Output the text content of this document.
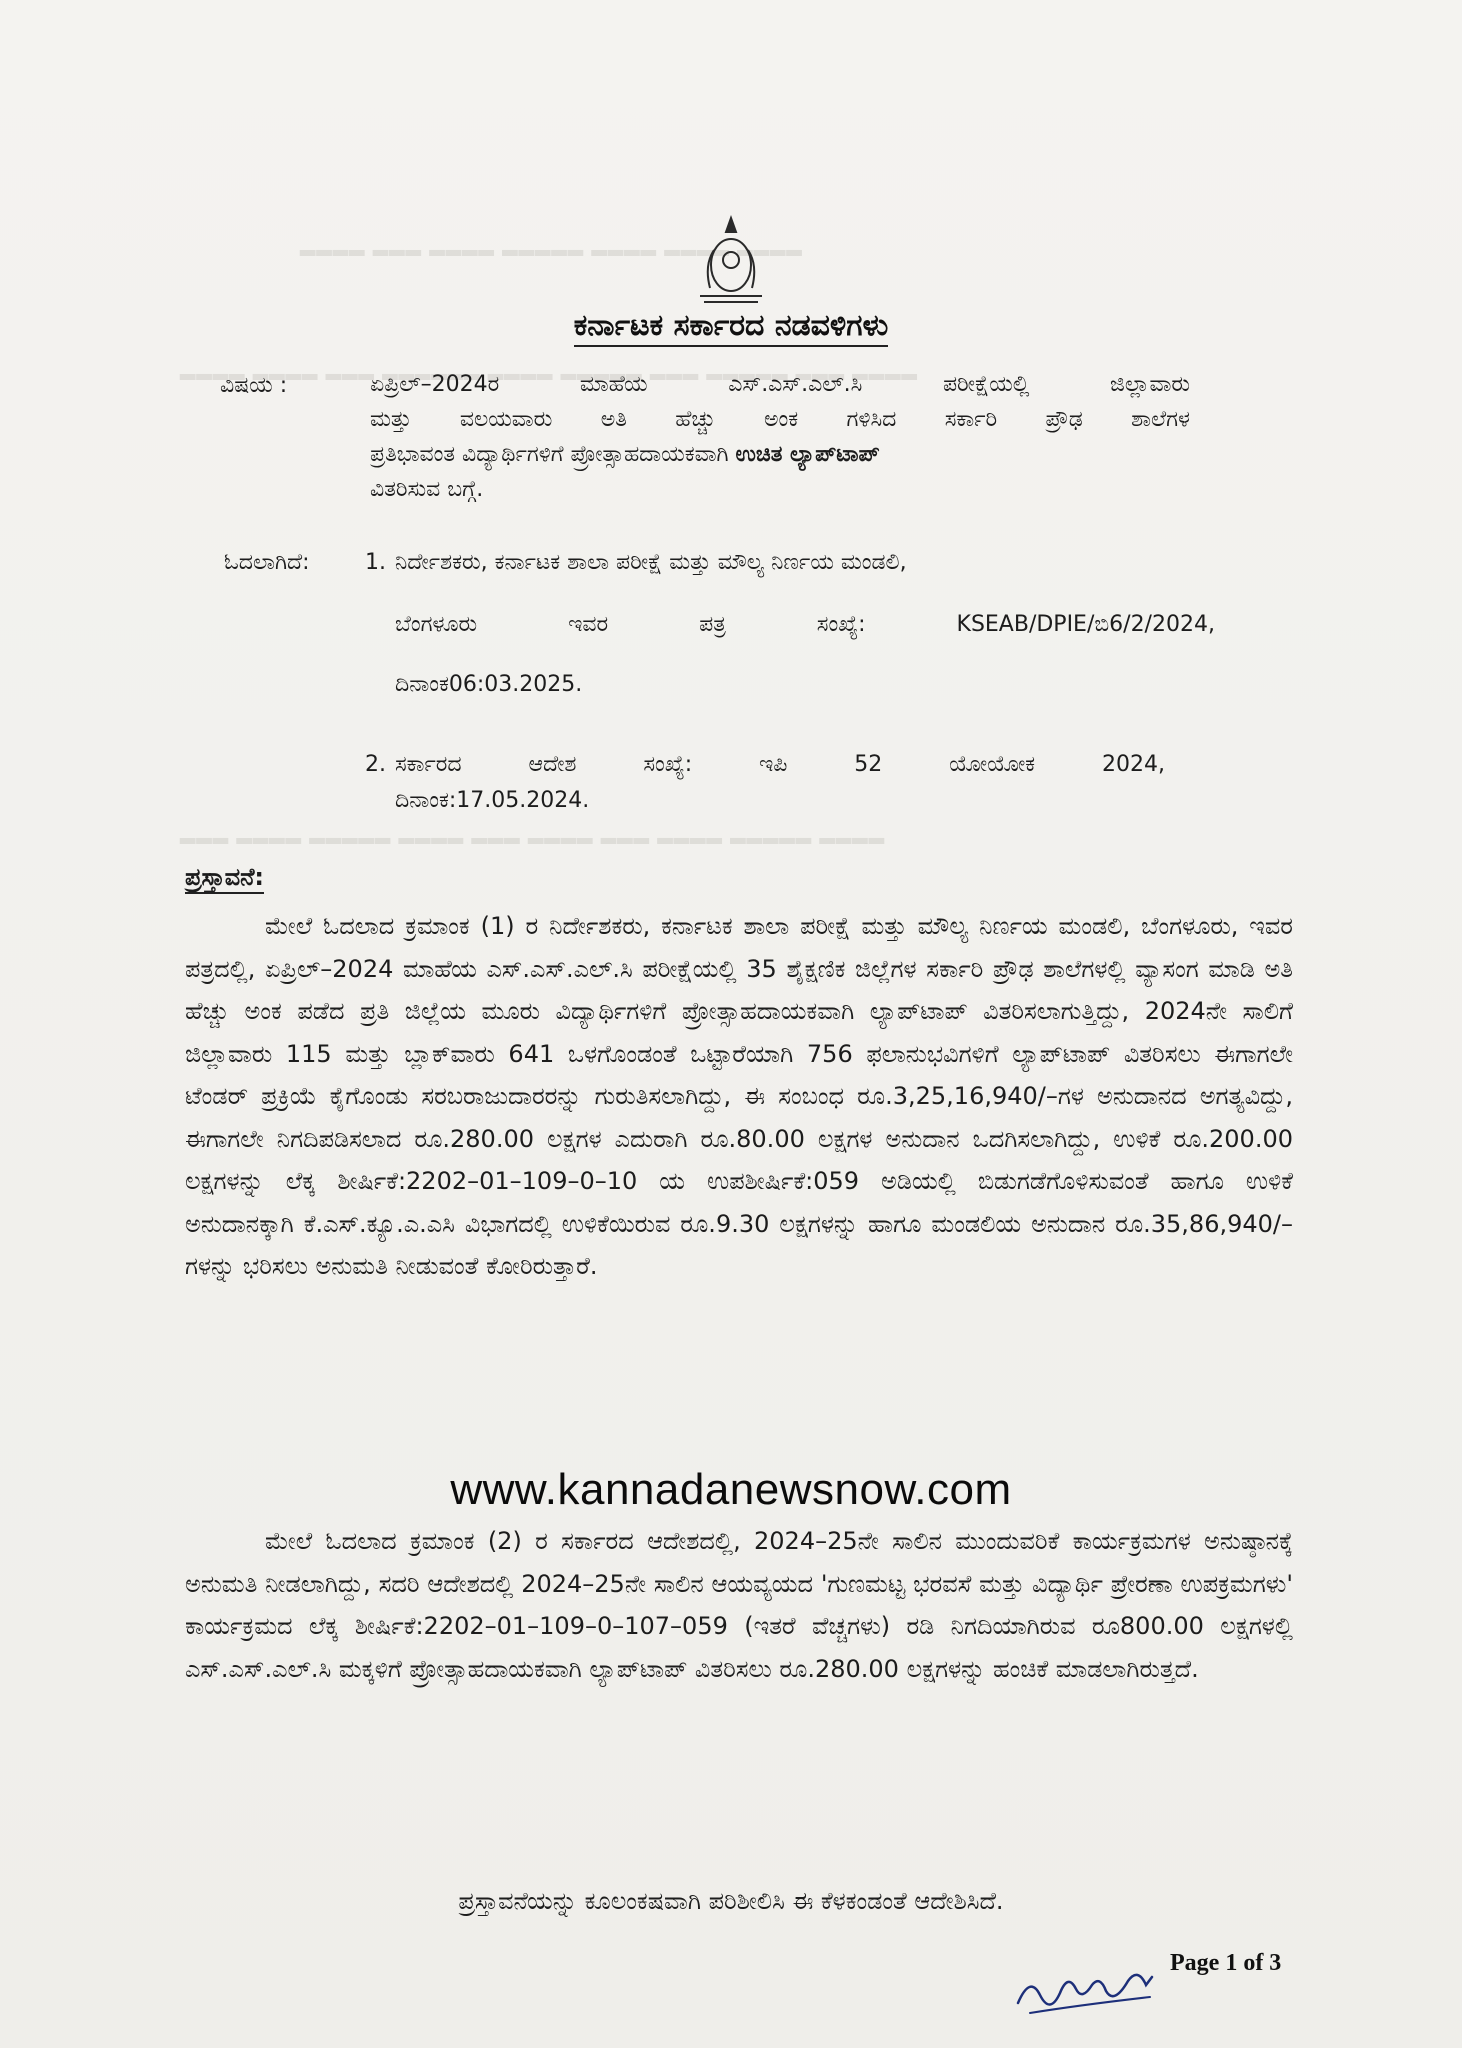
▂▂▂▂ ▂▂▂ ▂▂▂▂ ▂▂▂▂▂ ▂▂▂▂ ▂▂▂▂ ▂▂▂▂
▂▂▂▂ ▂▂▂▂ ▂▂▂ ▂▂▂▂▂▂ ▂▂▂▂ ▂▂▂▂▂ ▂▂▂ ▂▂▂▂▂ ▂▂▂ ▂▂▂▂
▂▂▂ ▂▂▂▂ ▂▂▂▂▂ ▂▂▂▂ ▂▂▂ ▂▂▂▂ ▂▂▂ ▂▂▂▂ ▂▂▂▂▂ ▂▂▂▂
ಕರ್ನಾಟಕ ಸರ್ಕಾರದ ನಡವಳಿಗಳು
ವಿಷಯ :	ಏಪ್ರಿಲ್–2024ರ ಮಾಹೆಯ ಎಸ್.ಎಸ್.ಎಲ್.ಸಿ ಪರೀಕ್ಷೆಯಲ್ಲಿ ಜಿಲ್ಲಾವಾರು
ಮತ್ತು ವಲಯವಾರು ಅತಿ ಹೆಚ್ಚು ಅಂಕ ಗಳಿಸಿದ ಸರ್ಕಾರಿ ಪ್ರೌಢ ಶಾಲೆಗಳ
ಪ್ರತಿಭಾವಂತ ವಿದ್ಯಾರ್ಥಿಗಳಿಗೆ ಪ್ರೋತ್ಸಾಹದಾಯಕವಾಗಿ ಉಚಿತ ಲ್ಯಾಪ್‌ಟಾಪ್
ವಿತರಿಸುವ ಬಗ್ಗೆ.
ಓದಲಾಗಿದೆ:	1. ನಿರ್ದೇಶಕರು, ಕರ್ನಾಟಕ ಶಾಲಾ ಪರೀಕ್ಷೆ ಮತ್ತು ಮೌಲ್ಯ ನಿರ್ಣಯ ಮಂಡಲಿ,
ಬೆಂಗಳೂರು	ಇವರ	ಪತ್ರ	ಸಂಖ್ಯೆ:	KSEAB/DPIE/ಬಿ6/2/2024,
ದಿನಾಂಕ06:03.2025.
2. ಸರ್ಕಾರದ	ಆದೇಶ	ಸಂಖ್ಯೆ:	ಇಪಿ	52	ಯೋಯೋಕ	2024,
ದಿನಾಂಕ:17.05.2024.
ಪ್ರಸ್ತಾವನೆ:
ಮೇಲೆ ಓದಲಾದ ಕ್ರಮಾಂಕ (1) ರ ನಿರ್ದೇಶಕರು, ಕರ್ನಾಟಕ ಶಾಲಾ ಪರೀಕ್ಷೆ ಮತ್ತು ಮೌಲ್ಯ ನಿರ್ಣಯ ಮಂಡಲಿ, ಬೆಂಗಳೂರು, ಇವರ ಪತ್ರದಲ್ಲಿ, ಏಪ್ರಿಲ್–2024 ಮಾಹೆಯ ಎಸ್.ಎಸ್.ಎಲ್.ಸಿ ಪರೀಕ್ಷೆಯಲ್ಲಿ 35 ಶೈಕ್ಷಣಿಕ ಜಿಲ್ಲೆಗಳ ಸರ್ಕಾರಿ ಪ್ರೌಢ ಶಾಲೆಗಳಲ್ಲಿ ವ್ಯಾಸಂಗ ಮಾಡಿ ಅತಿ ಹೆಚ್ಚು ಅಂಕ ಪಡೆದ ಪ್ರತಿ ಜಿಲ್ಲೆಯ ಮೂರು ವಿದ್ಯಾರ್ಥಿಗಳಿಗೆ ಪ್ರೋತ್ಸಾಹದಾಯಕವಾಗಿ ಲ್ಯಾಪ್‌ಟಾಪ್ ವಿತರಿಸಲಾಗುತ್ತಿದ್ದು, 2024ನೇ ಸಾಲಿಗೆ ಜಿಲ್ಲಾವಾರು 115 ಮತ್ತು ಬ್ಲಾಕ್‌ವಾರು 641 ಒಳಗೊಂಡಂತೆ ಒಟ್ಟಾರೆಯಾಗಿ 756 ಫಲಾನುಭವಿಗಳಿಗೆ ಲ್ಯಾಪ್‌ಟಾಪ್ ವಿತರಿಸಲು ಈಗಾಗಲೇ ಟೆಂಡರ್ ಪ್ರಕ್ರಿಯೆ ಕೈಗೊಂಡು ಸರಬರಾಜುದಾರರನ್ನು ಗುರುತಿಸಲಾಗಿದ್ದು, ಈ ಸಂಬಂಧ ರೂ.3,25,16,940/–ಗಳ ಅನುದಾನದ ಅಗತ್ಯವಿದ್ದು, ಈಗಾಗಲೇ ನಿಗದಿಪಡಿಸಲಾದ ರೂ.280.00 ಲಕ್ಷಗಳ ಎದುರಾಗಿ ರೂ.80.00 ಲಕ್ಷಗಳ ಅನುದಾನ ಒದಗಿಸಲಾಗಿದ್ದು, ಉಳಿಕೆ ರೂ.200.00 ಲಕ್ಷಗಳನ್ನು ಲೆಕ್ಕ ಶೀರ್ಷಿಕೆ:2202–01–109–0–10 ಯ ಉಪಶೀರ್ಷಿಕೆ:059 ಅಡಿಯಲ್ಲಿ ಬಿಡುಗಡೆಗೊಳಿಸುವಂತೆ ಹಾಗೂ ಉಳಿಕೆ ಅನುದಾನಕ್ಕಾಗಿ ಕೆ.ಎಸ್.ಕ್ಯೂ.ಎ.ಎಸಿ ವಿಭಾಗದಲ್ಲಿ ಉಳಿಕೆಯಿರುವ ರೂ.9.30 ಲಕ್ಷಗಳನ್ನು ಹಾಗೂ ಮಂಡಲಿಯ ಅನುದಾನ ರೂ.35,86,940/– ಗಳನ್ನು ಭರಿಸಲು ಅನುಮತಿ ನೀಡುವಂತೆ ಕೋರಿರುತ್ತಾರೆ.
www.kannadanewsnow.com
ಮೇಲೆ ಓದಲಾದ ಕ್ರಮಾಂಕ (2) ರ ಸರ್ಕಾರದ ಆದೇಶದಲ್ಲಿ, 2024–25ನೇ ಸಾಲಿನ ಮುಂದುವರಿಕೆ ಕಾರ್ಯಕ್ರಮಗಳ ಅನುಷ್ಠಾನಕ್ಕೆ ಅನುಮತಿ ನೀಡಲಾಗಿದ್ದು, ಸದರಿ ಆದೇಶದಲ್ಲಿ 2024–25ನೇ ಸಾಲಿನ ಆಯವ್ಯಯದ 'ಗುಣಮಟ್ಟ ಭರವಸೆ ಮತ್ತು ವಿದ್ಯಾರ್ಥಿ ಪ್ರೇರಣಾ ಉಪಕ್ರಮಗಳು' ಕಾರ್ಯಕ್ರಮದ ಲೆಕ್ಕ ಶೀರ್ಷಿಕೆ:2202–01–109–0–107–059 (ಇತರೆ ವೆಚ್ಚಗಳು) ರಡಿ ನಿಗದಿಯಾಗಿರುವ ರೂ800.00 ಲಕ್ಷಗಳಲ್ಲಿ ಎಸ್.ಎಸ್.ಎಲ್.ಸಿ ಮಕ್ಕಳಿಗೆ ಪ್ರೋತ್ಸಾಹದಾಯಕವಾಗಿ ಲ್ಯಾಪ್‌ಟಾಪ್ ವಿತರಿಸಲು ರೂ.280.00 ಲಕ್ಷಗಳನ್ನು ಹಂಚಿಕೆ ಮಾಡಲಾಗಿರುತ್ತದೆ.
ಪ್ರಸ್ತಾವನೆಯನ್ನು ಕೂಲಂಕಷವಾಗಿ ಪರಿಶೀಲಿಸಿ ಈ ಕೆಳಕಂಡಂತೆ ಆದೇಶಿಸಿದೆ.
Page 1 of 3
